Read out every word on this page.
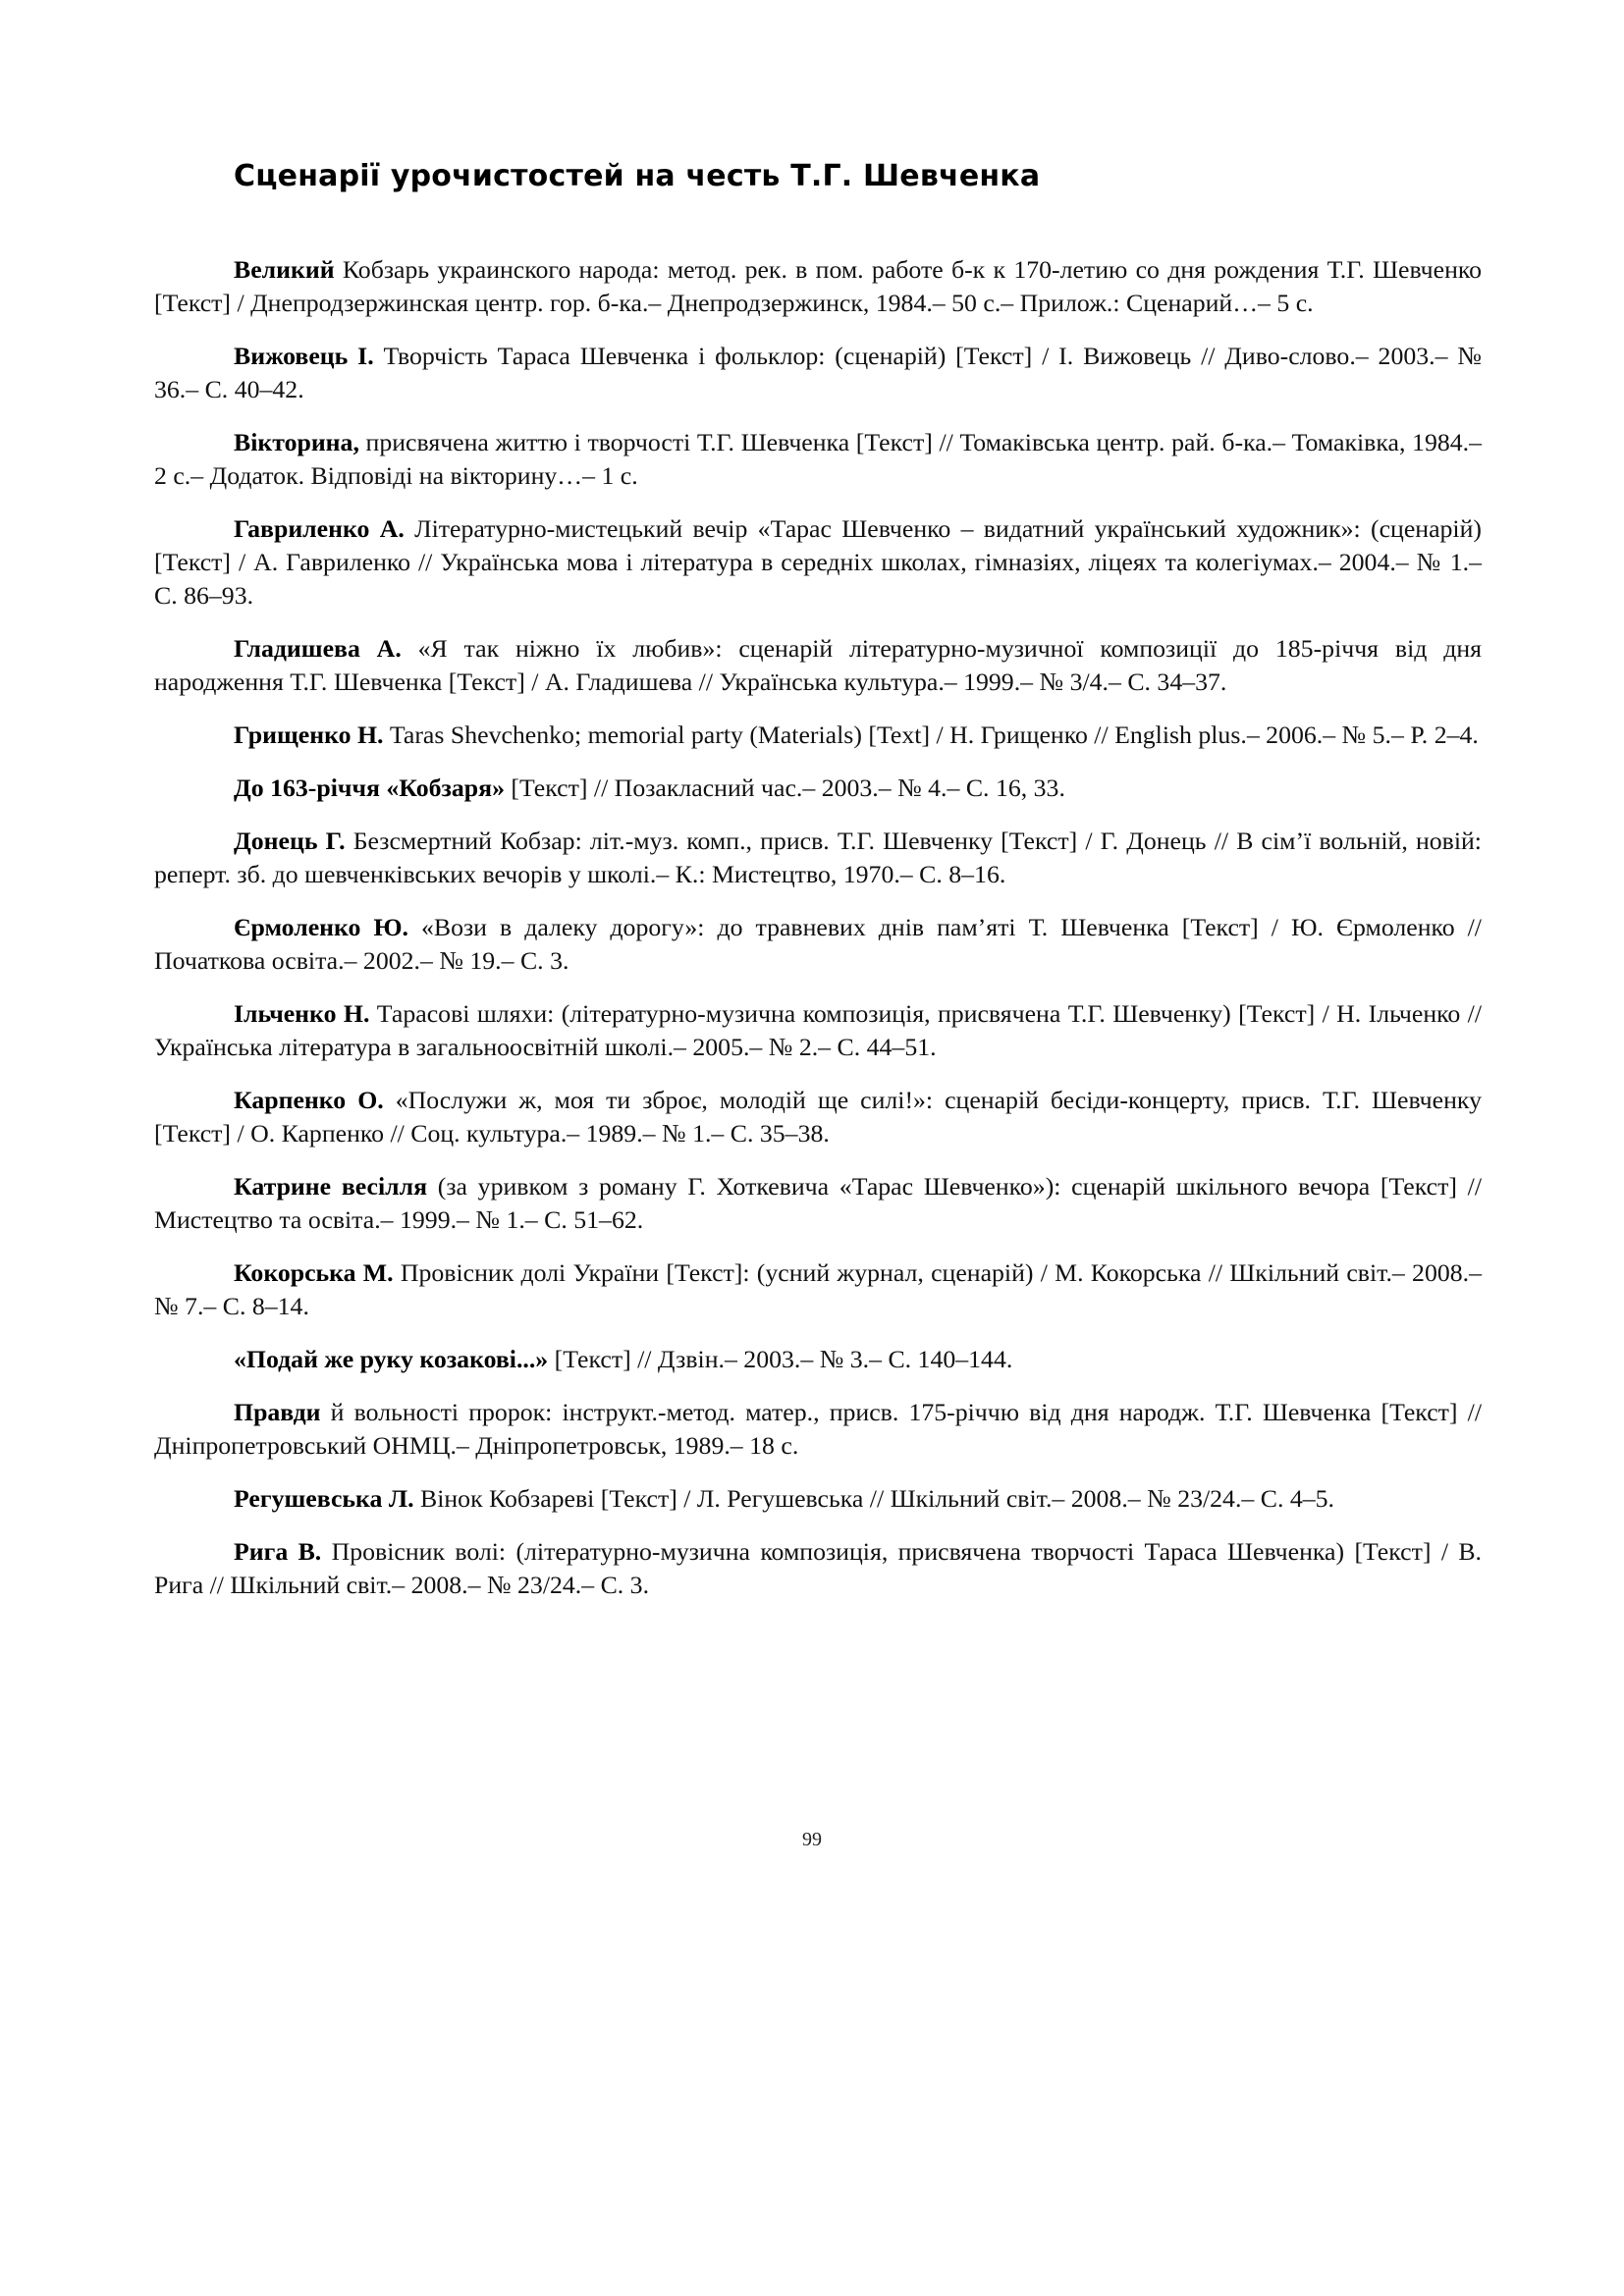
Сценарії урочистостей на честь Т.Г. Шевченка
Великий Кобзарь украинского народа: метод. рек. в пом. работе б-к к 170-летию со дня рождения Т.Г. Шевченко [Текст] / Днепродзержинская центр. гор. б-ка.– Днепродзержинск, 1984.– 50 с.– Прилож.: Сценарий…– 5 с.
Вижовець І. Творчість Тараса Шевченка і фольклор: (сценарій) [Текст] / І. Вижовець // Диво-слово.– 2003.– № 36.– С. 40–42.
Вікторина, присвячена життю і творчості Т.Г. Шевченка [Текст] // Томаківська центр. рай. б-ка.– Томаківка, 1984.– 2 с.– Додаток. Відповіді на вікторину…– 1 с.
Гавриленко А. Літературно-мистецький вечір «Тарас Шевченко – видатний український художник»: (сценарій) [Текст] / А. Гавриленко // Українська мова і література в середніх школах, гімназіях, ліцеях та колегіумах.– 2004.– № 1.– С. 86–93.
Гладишева А. «Я так ніжно їх любив»: сценарій літературно-музичної композиції до 185-річчя від дня народження Т.Г. Шевченка [Текст] / А. Гладишева // Українська культура.– 1999.– № 3/4.– С. 34–37.
Грищенко Н. Taras Shevchenko; memorial party (Materials) [Text] / Н. Грищенко // English plus.– 2006.– № 5.– P. 2–4.
До 163-річчя «Кобзаря» [Текст] // Позакласний час.– 2003.– № 4.– С. 16, 33.
Донець Г. Безсмертний Кобзар: літ.-муз. комп., присв. Т.Г. Шевченку [Текст] / Г. Донець // В сім’ї вольній, новій: реперт. зб. до шевченківських вечорів у школі.– К.: Мистецтво, 1970.– С. 8–16.
Єрмоленко Ю. «Вози в далеку дорогу»: до травневих днів пам’яті Т. Шевченка [Текст] / Ю. Єрмоленко // Початкова освіта.– 2002.– № 19.– С. 3.
Ільченко Н. Тарасові шляхи: (літературно-музична композиція, присвячена Т.Г. Шевченку) [Текст] / Н. Ільченко // Українська література в загальноосвітній школі.– 2005.– № 2.– С. 44–51.
Карпенко О. «Послужи ж, моя ти зброє, молодій ще силі!»: сценарій бесіди-концерту, присв. Т.Г. Шевченку [Текст] / О. Карпенко // Соц. культура.– 1989.– № 1.– С. 35–38.
Катрине весілля (за уривком з роману Г. Хоткевича «Тарас Шевченко»): сценарій шкільного вечора [Текст] // Мистецтво та освіта.– 1999.– № 1.– С. 51–62.
Кокорська М. Провісник долі України [Текст]: (усний журнал, сценарій) / М. Кокорська // Шкільний світ.– 2008.– № 7.– С. 8–14.
«Подай же руку козакові...» [Текст] // Дзвін.– 2003.– № 3.– С. 140–144.
Правди й вольності пророк: інструкт.-метод. матер., присв. 175-річчю від дня народж. Т.Г. Шевченка [Текст] // Дніпропетровський ОНМЦ.– Дніпропетровськ, 1989.– 18 с.
Регушевська Л. Вінок Кобзареві [Текст] / Л. Регушевська // Шкільний світ.– 2008.– № 23/24.– С. 4–5.
Рига В. Провісник волі: (літературно-музична композиція, присвячена творчості Тараса Шевченка) [Текст] / В. Рига // Шкільний світ.– 2008.– № 23/24.– С. 3.
99
